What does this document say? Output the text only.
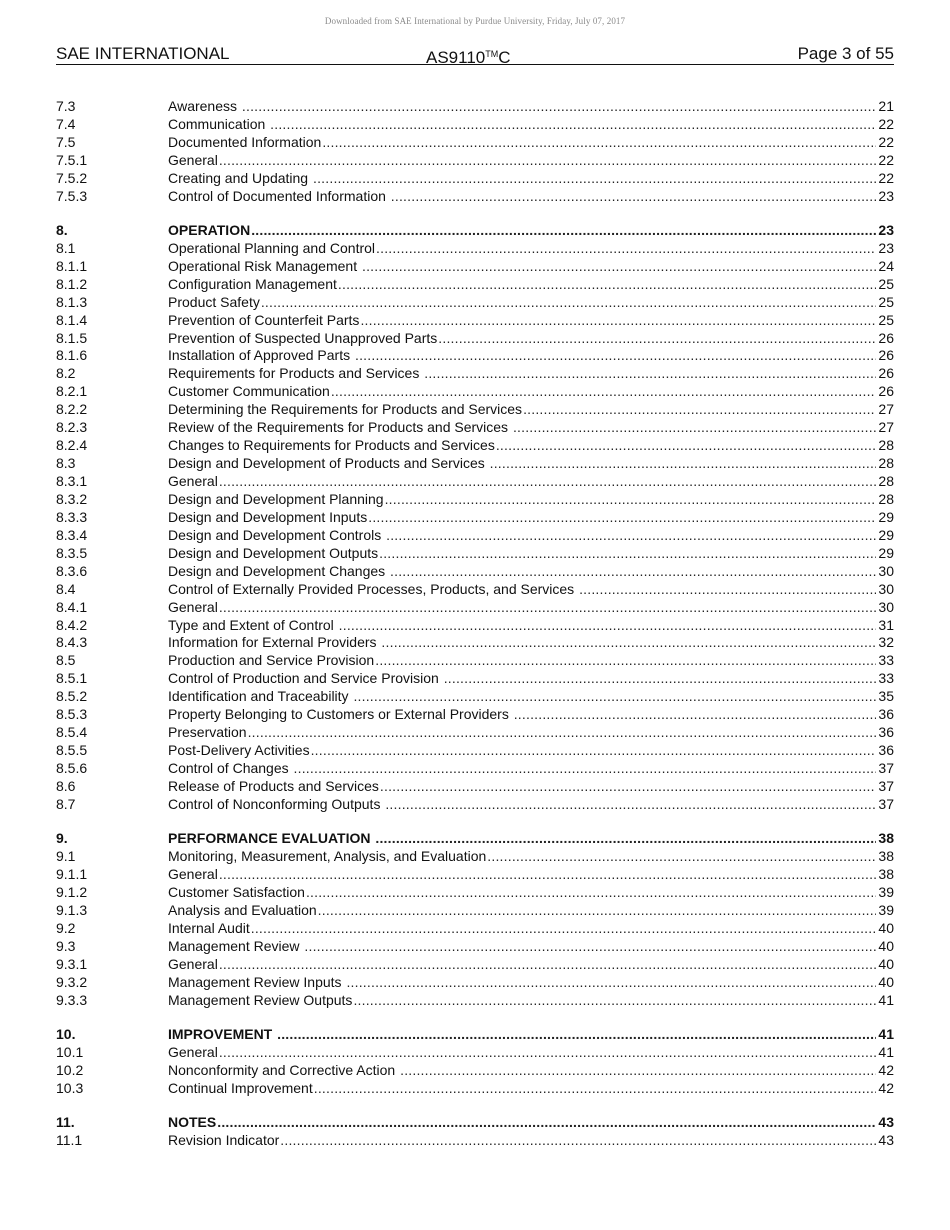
Downloaded from SAE International by Purdue University, Friday, July 07, 2017
SAE INTERNATIONAL	AS9110™C	Page 3 of 55
7.3	Awareness .....	21
7.4	Communication .....	22
7.5	Documented Information .....	22
7.5.1	General .....	22
7.5.2	Creating and Updating .....	22
7.5.3	Control of Documented Information .....	23
8.	OPERATION .....	23
8.1	Operational Planning and Control .....	23
8.1.1	Operational Risk Management .....	24
8.1.2	Configuration Management .....	25
8.1.3	Product Safety .....	25
8.1.4	Prevention of Counterfeit Parts .....	25
8.1.5	Prevention of Suspected Unapproved Parts .....	26
8.1.6	Installation of Approved Parts .....	26
8.2	Requirements for Products and Services .....	26
8.2.1	Customer Communication .....	26
8.2.2	Determining the Requirements for Products and Services .....	27
8.2.3	Review of the Requirements for Products and Services .....	27
8.2.4	Changes to Requirements for Products and Services .....	28
8.3	Design and Development of Products and Services .....	28
8.3.1	General .....	28
8.3.2	Design and Development Planning .....	28
8.3.3	Design and Development Inputs .....	29
8.3.4	Design and Development Controls .....	29
8.3.5	Design and Development Outputs .....	29
8.3.6	Design and Development Changes .....	30
8.4	Control of Externally Provided Processes, Products, and Services .....	30
8.4.1	General .....	30
8.4.2	Type and Extent of Control .....	31
8.4.3	Information for External Providers .....	32
8.5	Production and Service Provision .....	33
8.5.1	Control of Production and Service Provision .....	33
8.5.2	Identification and Traceability .....	35
8.5.3	Property Belonging to Customers or External Providers .....	36
8.5.4	Preservation .....	36
8.5.5	Post-Delivery Activities .....	36
8.5.6	Control of Changes .....	37
8.6	Release of Products and Services .....	37
8.7	Control of Nonconforming Outputs .....	37
9.	PERFORMANCE EVALUATION .....	38
9.1	Monitoring, Measurement, Analysis, and Evaluation .....	38
9.1.1	General .....	38
9.1.2	Customer Satisfaction .....	39
9.1.3	Analysis and Evaluation .....	39
9.2	Internal Audit .....	40
9.3	Management Review .....	40
9.3.1	General .....	40
9.3.2	Management Review Inputs .....	40
9.3.3	Management Review Outputs .....	41
10.	IMPROVEMENT .....	41
10.1	General .....	41
10.2	Nonconformity and Corrective Action .....	42
10.3	Continual Improvement .....	42
11.	NOTES .....	43
11.1	Revision Indicator .....	43
